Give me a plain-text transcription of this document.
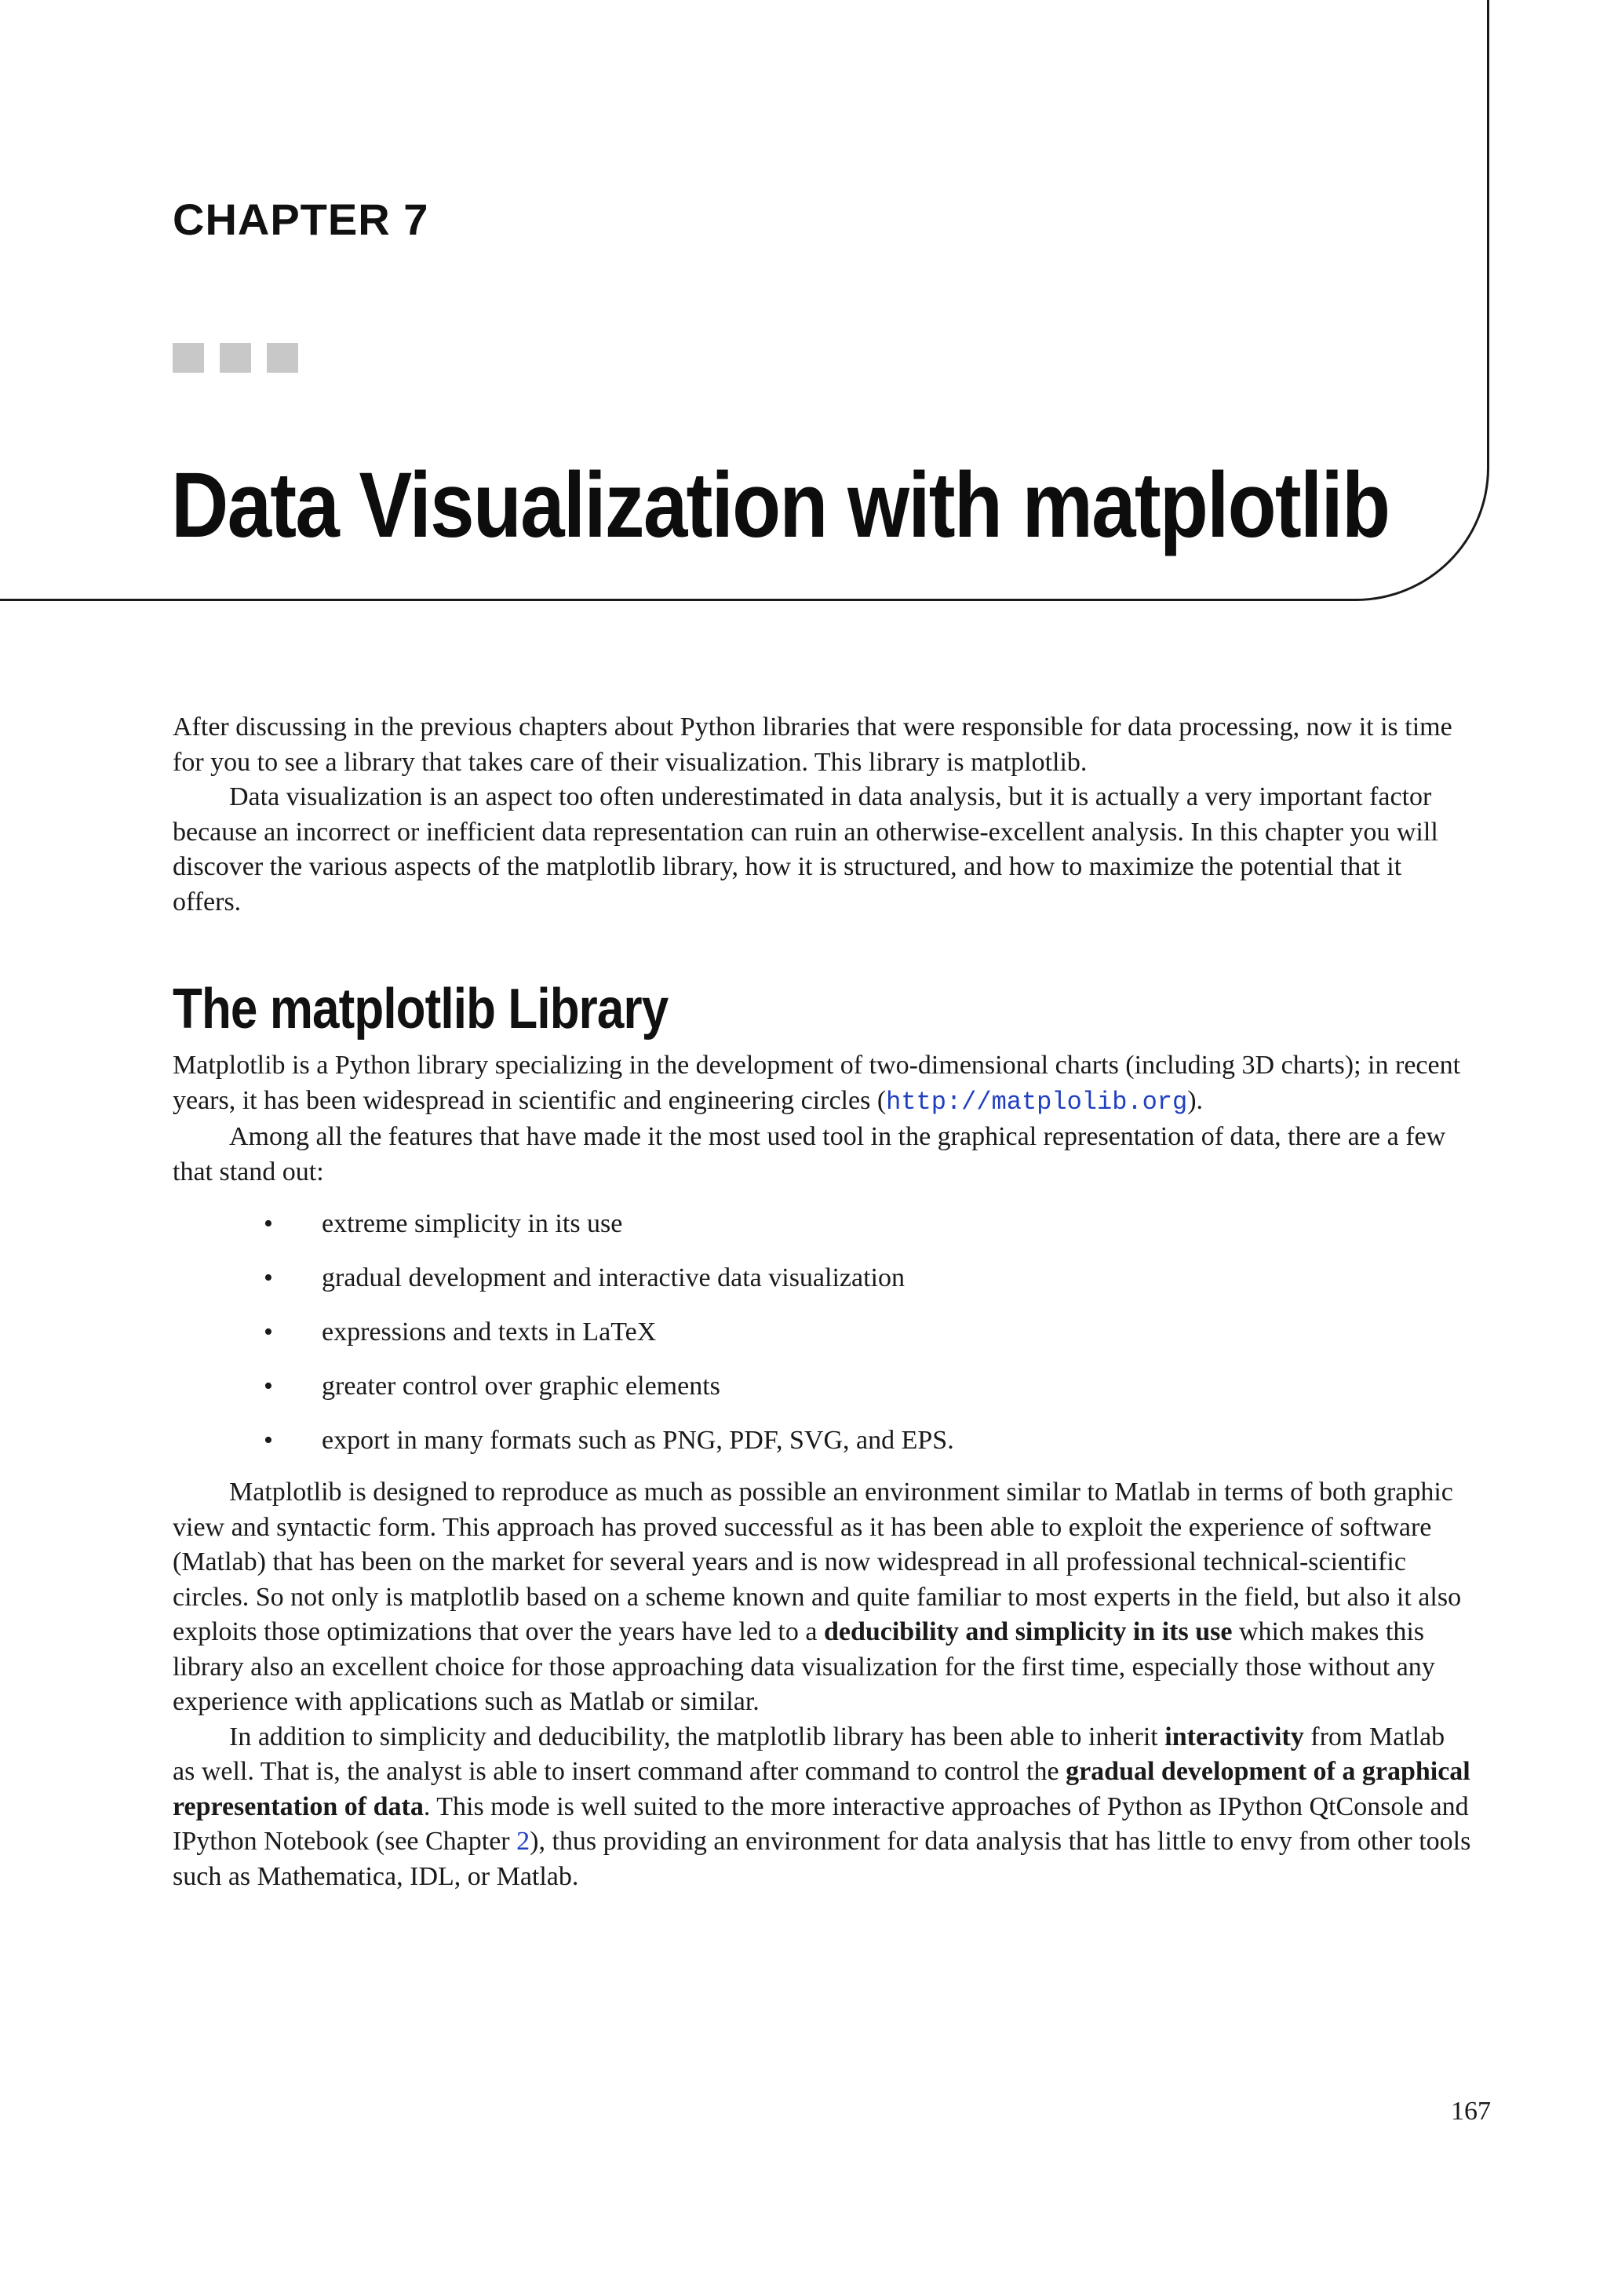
CHAPTER 7
Data Visualization with matplotlib

After discussing in the previous chapters about Python libraries that were responsible for data processing, now it is time for you to see a library that takes care of their visualization. This library is matplotlib.

Data visualization is an aspect too often underestimated in data analysis, but it is actually a very important factor because an incorrect or inefficient data representation can ruin an otherwise-excellent analysis. In this chapter you will discover the various aspects of the matplotlib library, how it is structured, and how to maximize the potential that it offers.

The matplotlib Library

Matplotlib is a Python library specializing in the development of two-dimensional charts (including 3D charts); in recent years, it has been widespread in scientific and engineering circles (http://matplolib.org).

Among all the features that have made it the most used tool in the graphical representation of data, there are a few that stand out:

• extreme simplicity in its use
• gradual development and interactive data visualization
• expressions and texts in LaTeX
• greater control over graphic elements
• export in many formats such as PNG, PDF, SVG, and EPS.

Matplotlib is designed to reproduce as much as possible an environment similar to Matlab in terms of both graphic view and syntactic form. This approach has proved successful as it has been able to exploit the experience of software (Matlab) that has been on the market for several years and is now widespread in all professional technical-scientific circles. So not only is matplotlib based on a scheme known and quite familiar to most experts in the field, but also it also exploits those optimizations that over the years have led to a deducibility and simplicity in its use which makes this library also an excellent choice for those approaching data visualization for the first time, especially those without any experience with applications such as Matlab or similar.

In addition to simplicity and deducibility, the matplotlib library has been able to inherit interactivity from Matlab as well. That is, the analyst is able to insert command after command to control the gradual development of a graphical representation of data. This mode is well suited to the more interactive approaches of Python as IPython QtConsole and IPython Notebook (see Chapter 2), thus providing an environment for data analysis that has little to envy from other tools such as Mathematica, IDL, or Matlab.

167
